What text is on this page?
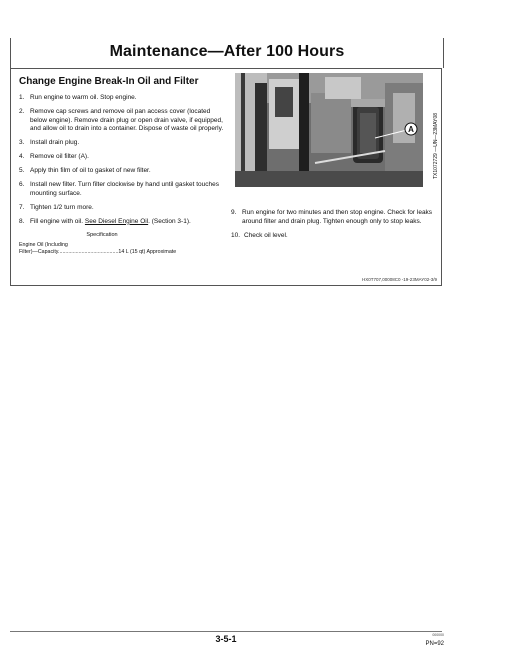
Maintenance—After 100 Hours
Change Engine Break-In Oil and Filter
1. Run engine to warm oil. Stop engine.
2. Remove cap screws and remove oil pan access cover (located below engine). Remove drain plug or open drain valve, if equipped, and allow oil to drain into a container. Dispose of waste oil properly.
3. Install drain plug.
4. Remove oil filter (A).
5. Apply thin film of oil to gasket of new filter.
6. Install new filter. Turn filter clockwise by hand until gasket touches mounting surface.
7. Tighten 1/2 turn more.
8. Fill engine with oil. See Diesel Engine Oil. (Section 3-1).
Specification
Engine Oil (Including
Filter)—Capacity.........................................14 L (15 qt) Approximate
A	TX1072729 —UN—23MAY08
9. Run engine for two minutes and then stop engine. Check for leaks around filter and drain plug. Tighten enough only to stop leaks.
10. Check oil level.
HX0T707,00008C0 -19-23MAY02-3/9
3-5-1	000000
PN=92
